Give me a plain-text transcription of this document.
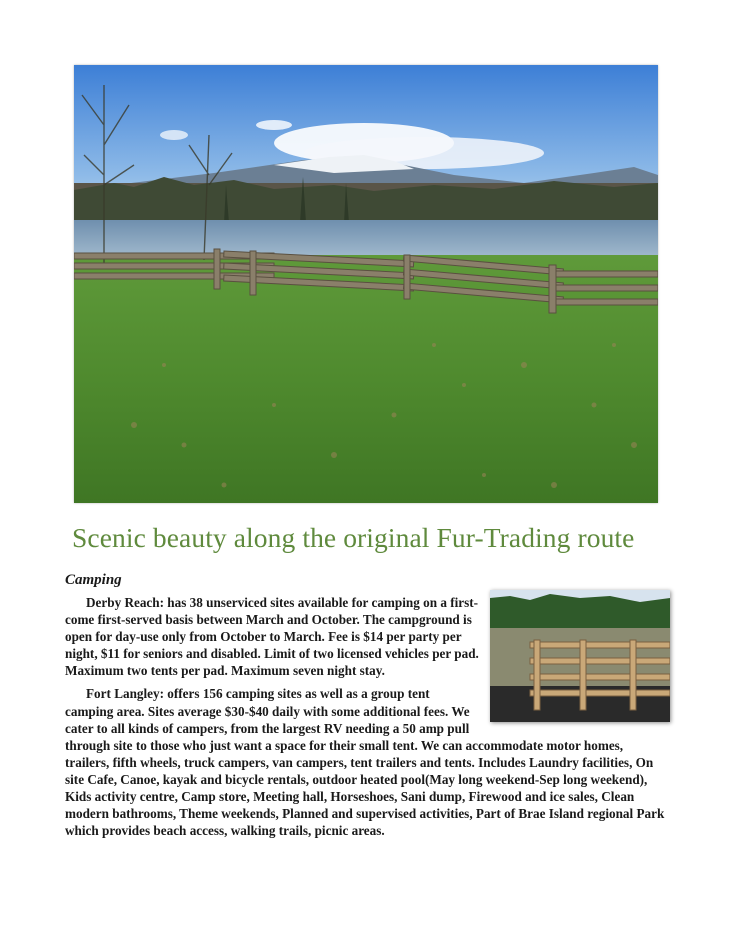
Scenic beauty along the original Fur-Trading route
Camping

Derby Reach: has 38 unserviced sites available for camping on a first-come first-served basis between March and October. The campground is open for day-use only from October to March. Fee is $14 per party per night, $11 for seniors and disabled. Limit of two licensed vehicles per pad. Maximum two tents per pad. Maximum seven night stay.

Fort Langley: offers 156 camping sites as well as a group tent camping area. Sites average $30-$40 daily with some additional fees. We cater to all kinds of campers, from the largest RV needing a 50 amp pull through site to those who just want a space for their small tent. We can accommodate motor homes, trailers, fifth wheels, truck campers, van campers, tent trailers and tents. Includes Laundry facilities, On site Cafe, Canoe, kayak and bicycle rentals, outdoor heated pool(May long weekend-Sep long weekend), Kids activity centre, Camp store, Meeting hall, Horseshoes, Sani dump, Firewood and ice sales, Clean modern bathrooms, Theme weekends, Planned and supervised activities, Part of Brae Island regional Park which provides beach access, walking trails, picnic areas.
